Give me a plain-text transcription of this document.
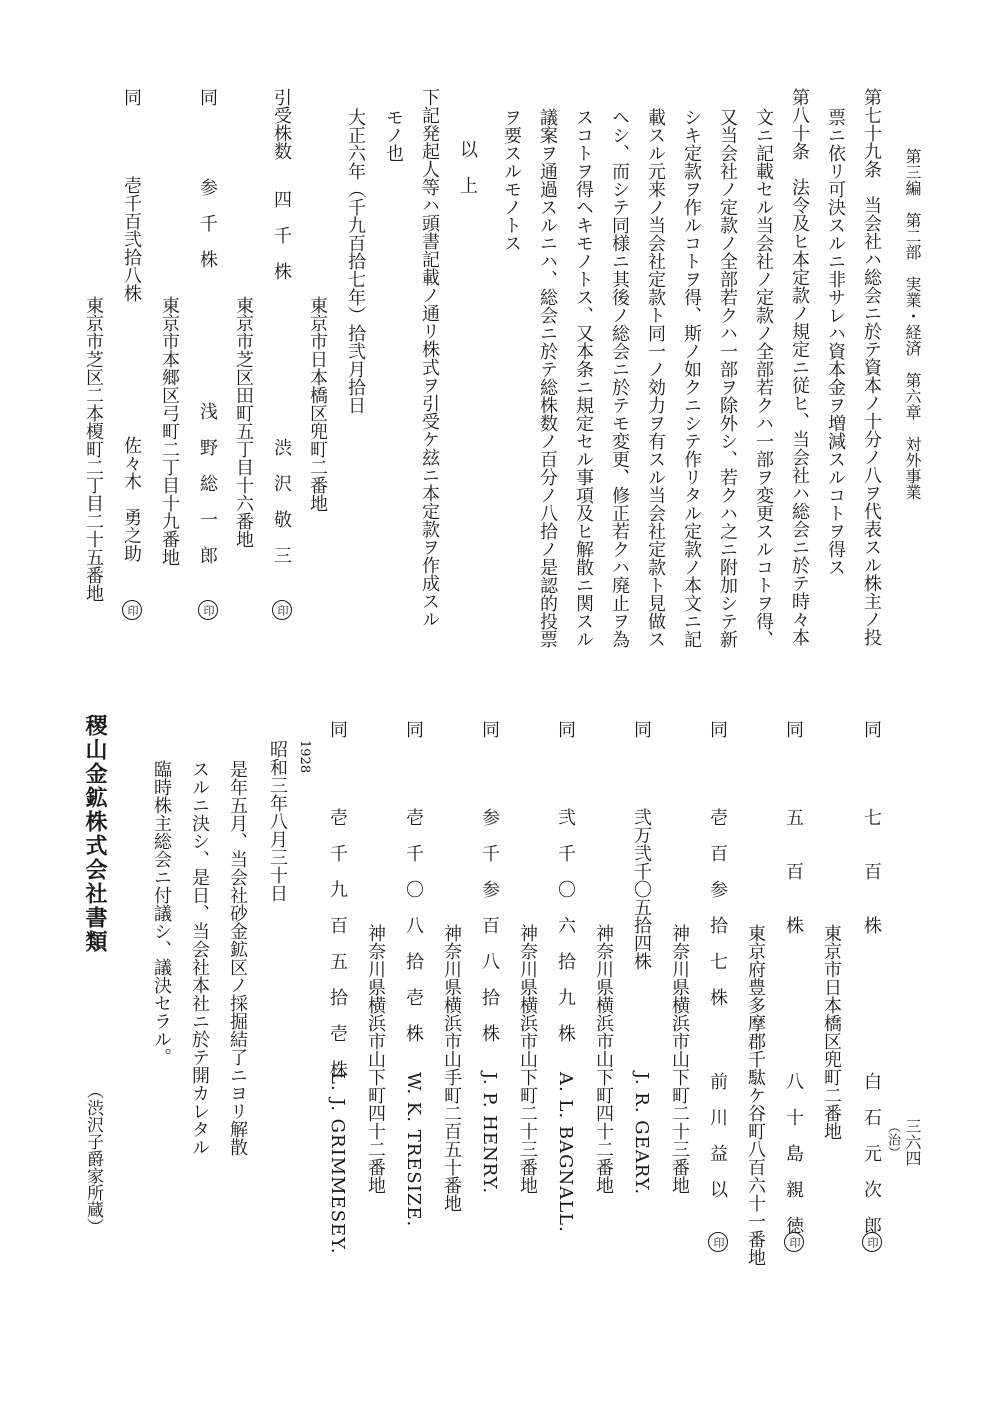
第三編　第二部　実業・経済　第六章　対外事業
三六四
第七十九条　当会社ハ総会ニ於テ資本ノ十分ノ八ヲ代表スル株主ノ投
票ニ依リ可決スルニ非サレハ資本金ヲ増減スルコトヲ得ス
第八十条　法令及ヒ本定款ノ規定ニ従ヒ、当会社ハ総会ニ於テ時々本
文ニ記載セル当会社ノ定款ノ全部若クハ一部ヲ変更スルコトヲ得、
又当会社ノ定款ノ全部若クハ一部ヲ除外シ、若クハ之ニ附加シテ新
シキ定款ヲ作ルコトヲ得、斯ノ如クニシテ作リタル定款ノ本文ニ記
載スル元来ノ当会社定款ト同一ノ効力ヲ有スル当会社定款ト見做ス
ヘシ、而シテ同様ニ其後ノ総会ニ於テモ変更、修正若クハ廃止ヲ為
スコトヲ得ヘキモノトス、又本条ニ規定セル事項及ヒ解散ニ関スル
議案ヲ通過スルニハ、総会ニ於テ総株数ノ百分ノ八拾ノ是認的投票
ヲ要スルモノトス
以　上
下記発起人等ハ頭書記載ノ通リ株式ヲ引受ケ玆ニ本定款ヲ作成スル
モノ也
大正六年（千九百拾七年）拾弐月拾日
東京市日本橋区兜町二番地
引受株数
四　千　株
渋　沢　敬　三
印
東京市芝区田町五丁目十六番地
同
参　千　株
浅　野　総　一　郎
印
東京市本郷区弓町二丁目十九番地
同
壱千百弐拾八株
佐々木　勇之助
印
東京市芝区二本榎町二丁目二十五番地
同
七　　百　　株
白　石　元　次　郎
印
（治）
東京市日本橋区兜町二番地
同
五　　百　　株
八　十　島　親　徳
印
東京府豊多摩郡千駄ケ谷町八百六十一番地
同
壱　百　参　拾　七　株
前　川　益　以
印
神奈川県横浜市山下町二十三番地
同
弐万弐千〇五拾四株
J. R. GEARY.
神奈川県横浜市山下町四十二番地
同
弐　千　〇　六　拾　九　株
A. L. BAGNALL.
神奈川県横浜市山下町二十三番地
同
参　千　参　百　八　拾　株
J. P. HENRY.
神奈川県横浜市山手町二百五十番地
同
壱　千　〇　八　拾　壱　株
W. K. TRESIZE.
神奈川県横浜市山下町四十二番地
同
壱　千　九　百　五　拾　壱　株
L. J. GRIMMESEY.
1928
昭和三年八月三十日
是年五月、当会社砂金鉱区ノ採掘結了ニヨリ解散
スルニ決シ、是日、当会社本社ニ於テ開カレタル
臨時株主総会ニ付議シ、議決セラル。
稷山金鉱株式会社書類
（渋沢子爵家所蔵）
